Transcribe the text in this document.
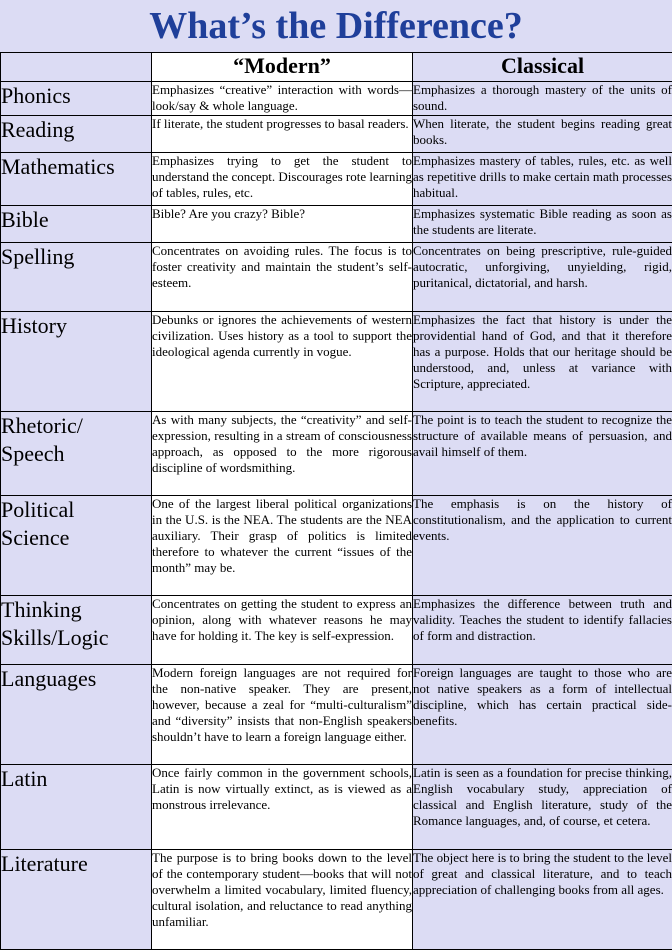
What’s the Difference?
	“Modern”	Classical
Phonics	Emphasizes “creative” interaction with words—look/say & whole language.	Emphasizes a thorough mastery of the units of sound.
Reading	If literate, the student progresses to basal readers.	When literate, the student begins reading great books.
Mathematics	Emphasizes trying to get the student to understand the concept. Discourages rote learning of tables, rules, etc.	Emphasizes mastery of tables, rules, etc. as well as repetitive drills to make certain math processes habitual.
Bible	Bible? Are you crazy? Bible?	Emphasizes systematic Bible reading as soon as the students are literate.
Spelling	Concentrates on avoiding rules. The focus is to foster creativity and maintain the student’s self-esteem.	Concentrates on being prescriptive, rule-guided autocratic, unforgiving, unyielding, rigid, puritanical, dictatorial, and harsh.
History	Debunks or ignores the achievements of western civilization. Uses history as a tool to support the ideological agenda currently in vogue.	Emphasizes the fact that history is under the providential hand of God, and that it therefore has a purpose. Holds that our heritage should be understood, and, unless at variance with Scripture, appreciated.
Rhetoric/
Speech	As with many subjects, the “creativity” and self-expression, resulting in a stream of consciousness approach, as opposed to the more rigorous discipline of wordsmithing.	The point is to teach the student to recognize the structure of available means of persuasion, and avail himself of them.
Political
Science	One of the largest liberal political organizations in the U.S. is the NEA. The students are the NEA auxiliary. Their grasp of politics is limited therefore to whatever the current “issues of the month” may be.	The emphasis is on the history of constitutionalism, and the application to current events.
Thinking
Skills/Logic	Concentrates on getting the student to express an opinion, along with whatever reasons he may have for holding it. The key is self-expression.	Emphasizes the difference between truth and validity. Teaches the student to identify fallacies of form and distraction.
Languages	Modern foreign languages are not required for the non-native speaker. They are present, however, because a zeal for “multi-culturalism” and “diversity” insists that non-English speakers shouldn’t have to learn a foreign language either.	Foreign languages are taught to those who are not native speakers as a form of intellectual discipline, which has certain practical side-benefits.
Latin	Once fairly common in the government schools, Latin is now virtually extinct, as is viewed as a monstrous irrelevance.	Latin is seen as a foundation for precise thinking, English vocabulary study, appreciation of classical and English literature, study of the Romance languages, and, of course, et cetera.
Literature	The purpose is to bring books down to the level of the contemporary student—books that will not overwhelm a limited vocabulary, limited fluency, cultural isolation, and reluctance to read anything unfamiliar.	The object here is to bring the student to the level of great and classical literature, and to teach appreciation of challenging books from all ages.
